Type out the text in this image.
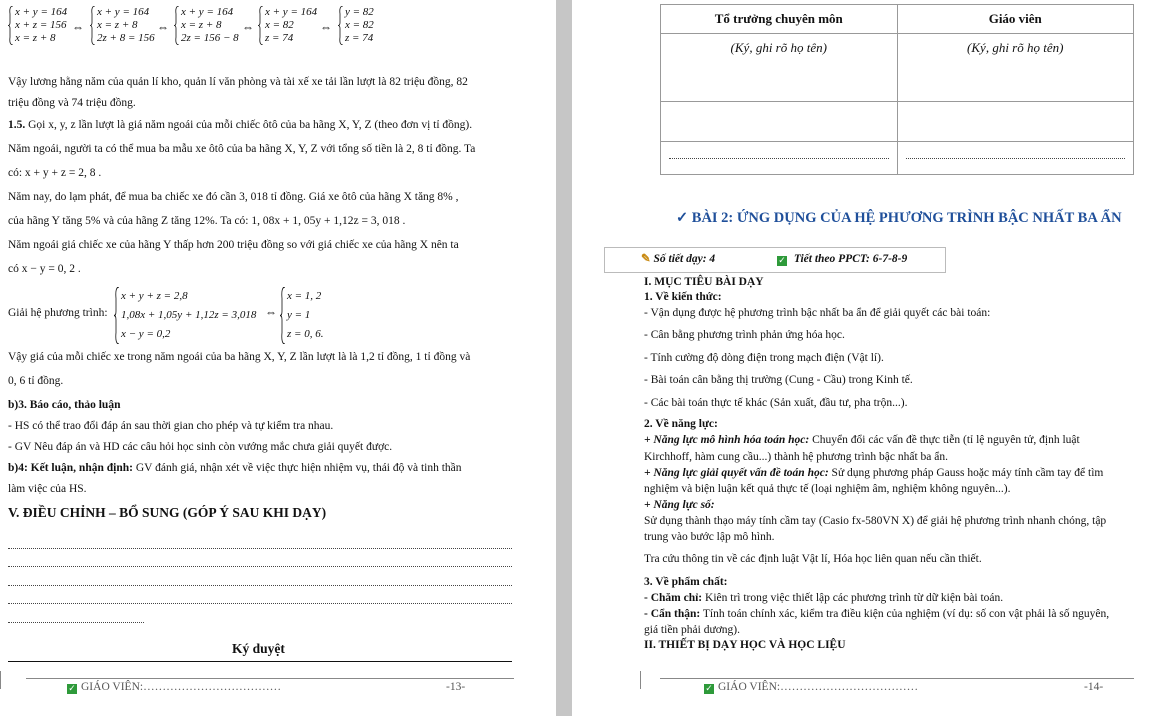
x + y = 164
x + z = 156
x = z + 8
⇔
x + y = 164
x = z + 8
2z + 8 = 156
⇔
x + y = 164
x = z + 8
2z = 156 − 8
⇔
x + y = 164
x = 82
z = 74
⇔
y = 82
x = 82
z = 74
Vậy lương hằng năm của quản lí kho, quản lí văn phòng và tài xế xe tải lần lượt là 82 triệu đồng, 82
triệu đồng và 74 triệu đồng.
1.5. Gọi x, y, z lần lượt là giá năm ngoái của mỗi chiếc ôtô của ba hãng X, Y, Z (theo đơn vị tỉ đồng).
Năm ngoái, người ta có thể mua ba mẫu xe ôtô của ba hãng X, Y, Z với tổng số tiền là 2, 8 tỉ đồng. Ta
có: x + y + z = 2, 8 .
Năm nay, do lạm phát, để mua ba chiếc xe đó cần 3, 018 tỉ đồng. Giá xe ôtô của hãng X tăng 8% ,
của hãng Y tăng 5% và của hãng Z tăng 12%. Ta có: 1, 08x + 1, 05y + 1,12z = 3, 018 .
Năm ngoái giá chiếc xe của hãng Y thấp hơn 200 triệu đồng so với giá chiếc xe của hãng X nên ta
có x − y = 0, 2 .
Giải hệ phương trình:
x + y + z = 2,8
1,08x + 1,05y + 1,12z = 3,018
x − y = 0,2
⇔
x = 1, 2
y = 1
z = 0, 6.
Vậy giá của mỗi chiếc xe trong năm ngoái của ba hãng X, Y, Z lần lượt là là 1,2 tỉ đồng, 1 tỉ đồng và
0, 6 tỉ đồng.
b)3. Báo cáo, thảo luận
- HS có thể trao đổi đáp án sau thời gian cho phép và tự kiểm tra nhau.
- GV Nêu đáp án và HD các câu hỏi học sinh còn vướng mắc chưa giải quyết được.
b)4: Kết luận, nhận định: GV đánh giá, nhận xét về việc thực hiện nhiệm vụ, thái độ và tinh thần
làm việc của HS.
V. ĐIỀU CHỈNH – BỔ SUNG (GÓP Ý SAU KHI DẠY)
Ký duyệt
✓ GIÁO VIÊN:………………………………	-13-
Tổ trưởng chuyên môn	Giáo viên
(Ký, ghi rõ họ tên)	(Ký, ghi rõ họ tên)

✓ BÀI 2: ỨNG DỤNG CỦA HỆ PHƯƠNG TRÌNH BẬC NHẤT BA ẨN
✎ Số tiết dạy: 4	✓ Tiết theo PPCT: 6-7-8-9
I. MỤC TIÊU BÀI DẠY
1. Về kiến thức:
- Vận dụng được hệ phương trình bậc nhất ba ẩn để giải quyết các bài toán:
- Cân bằng phương trình phản ứng hóa học.
- Tính cường độ dòng điện trong mạch điện (Vật lí).
- Bài toán cân bằng thị trường (Cung - Cầu) trong Kinh tế.
- Các bài toán thực tế khác (Sản xuất, đầu tư, pha trộn...).
2. Về năng lực:
+ Năng lực mô hình hóa toán học: Chuyển đổi các vấn đề thực tiễn (tỉ lệ nguyên tử, định luật
Kirchhoff, hàm cung cầu...) thành hệ phương trình bậc nhất ba ẩn.
+ Năng lực giải quyết vấn đề toán học: Sử dụng phương pháp Gauss hoặc máy tính cầm tay để tìm
nghiệm và biện luận kết quả thực tế (loại nghiệm âm, nghiệm không nguyên...).
+ Năng lực số:
Sử dụng thành thạo máy tính cầm tay (Casio fx-580VN X) để giải hệ phương trình nhanh chóng, tập
trung vào bước lập mô hình.
Tra cứu thông tin về các định luật Vật lí, Hóa học liên quan nếu cần thiết.
3. Về phẩm chất:
- Chăm chỉ: Kiên trì trong việc thiết lập các phương trình từ dữ kiện bài toán.
- Cẩn thận: Tính toán chính xác, kiểm tra điều kiện của nghiệm (ví dụ: số con vật phải là số nguyên,
giá tiền phải dương).
II. THIẾT BỊ DẠY HỌC VÀ HỌC LIỆU
✓ GIÁO VIÊN:………………………………	-14-
